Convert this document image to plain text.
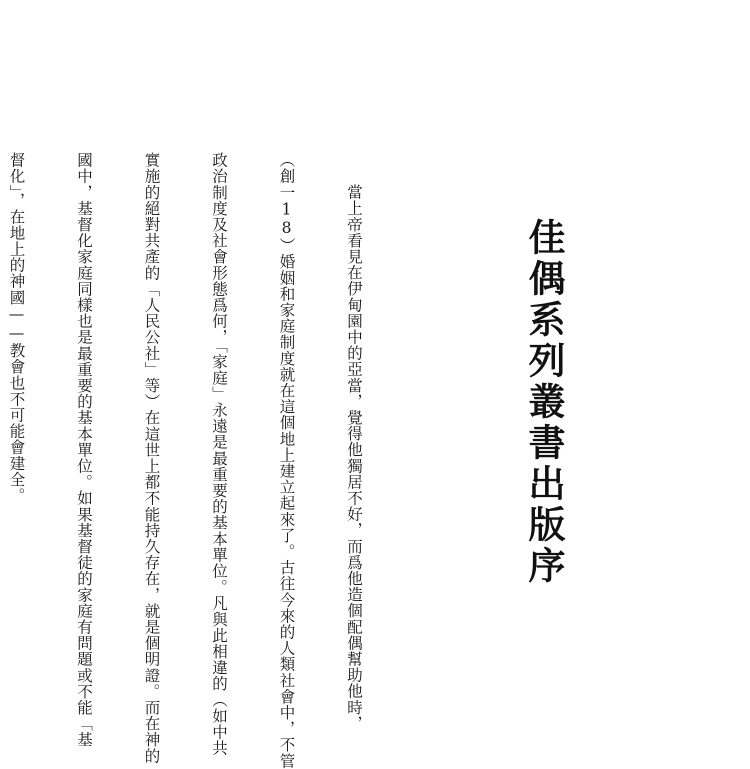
佳偶系列叢書出版序

當上帝看見在伊甸園中的亞當，覺得他獨居不好，而爲他造個配偶幫助他時，

（創一18）婚姻和家庭制度就在這個地上建立起來了。古往今來的人類社會中，不管

政治制度及社會形態爲何，「家庭」永遠是最重要的基本單位。凡與此相違的（如中共

實施的絕對共產的「人民公社」等）在這世上都不能持久存在，就是個明證。而在神的

國中，基督化家庭同樣也是最重要的基本單位。如果基督徒的家庭有問題或不能「基

督化」，在地上的神國——教會也不可能會建全。
